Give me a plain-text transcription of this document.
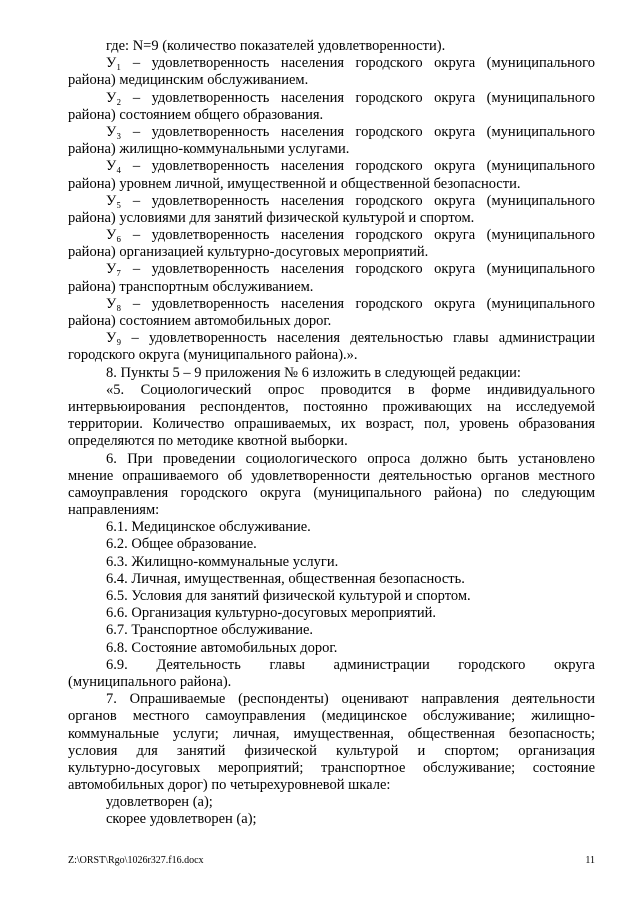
где: N=9 (количество показателей удовлетворенности).
У₁ – удовлетворенность населения городского округа (муниципального
района) медицинским обслуживанием.
У₂ – удовлетворенность населения городского округа (муниципального
района) состоянием общего образования.
У₃ – удовлетворенность населения городского округа (муниципального
района) жилищно-коммунальными услугами.
У₄ – удовлетворенность населения городского округа (муниципального
района) уровнем личной, имущественной и общественной безопасности.
У₅ – удовлетворенность населения городского округа (муниципального
района) условиями для занятий физической культурой и спортом.
У₆ – удовлетворенность населения городского округа (муниципального
района) организацией культурно-досуговых мероприятий.
У₇ – удовлетворенность населения городского округа (муниципального
района) транспортным обслуживанием.
У₈ – удовлетворенность населения городского округа (муниципального
района) состоянием автомобильных дорог.
У₉ – удовлетворенность населения деятельностью главы администрации
городского округа (муниципального района).».
8. Пункты 5 – 9 приложения № 6 изложить в следующей редакции:
«5. Социологический опрос проводится в форме индивидуального
интервьюирования респондентов, постоянно проживающих на исследуемой
территории. Количество опрашиваемых, их возраст, пол, уровень образования
определяются по методике квотной выборки.
6. При проведении социологического опроса должно быть установлено
мнение опрашиваемого об удовлетворенности деятельностью органов местного
самоуправления городского округа (муниципального района) по следующим
направлениям:
6.1. Медицинское обслуживание.
6.2. Общее образование.
6.3. Жилищно-коммунальные услуги.
6.4. Личная, имущественная, общественная безопасность.
6.5. Условия для занятий физической культурой и спортом.
6.6. Организация культурно-досуговых мероприятий.
6.7. Транспортное обслуживание.
6.8. Состояние автомобильных дорог.
6.9. Деятельность главы администрации городского округа
(муниципального района).
7. Опрашиваемые (респонденты) оценивают направления деятельности
органов местного самоуправления (медицинское обслуживание; жилищно-
коммунальные услуги; личная, имущественная, общественная безопасность;
условия для занятий физической культурой и спортом; организация
культурно-досуговых мероприятий; транспортное обслуживание; состояние
автомобильных дорог) по четырехуровневой шкале:
удовлетворен (а);
скорее удовлетворен (а);
Z:\ORST\Rgo\1026r327.f16.docx	11
